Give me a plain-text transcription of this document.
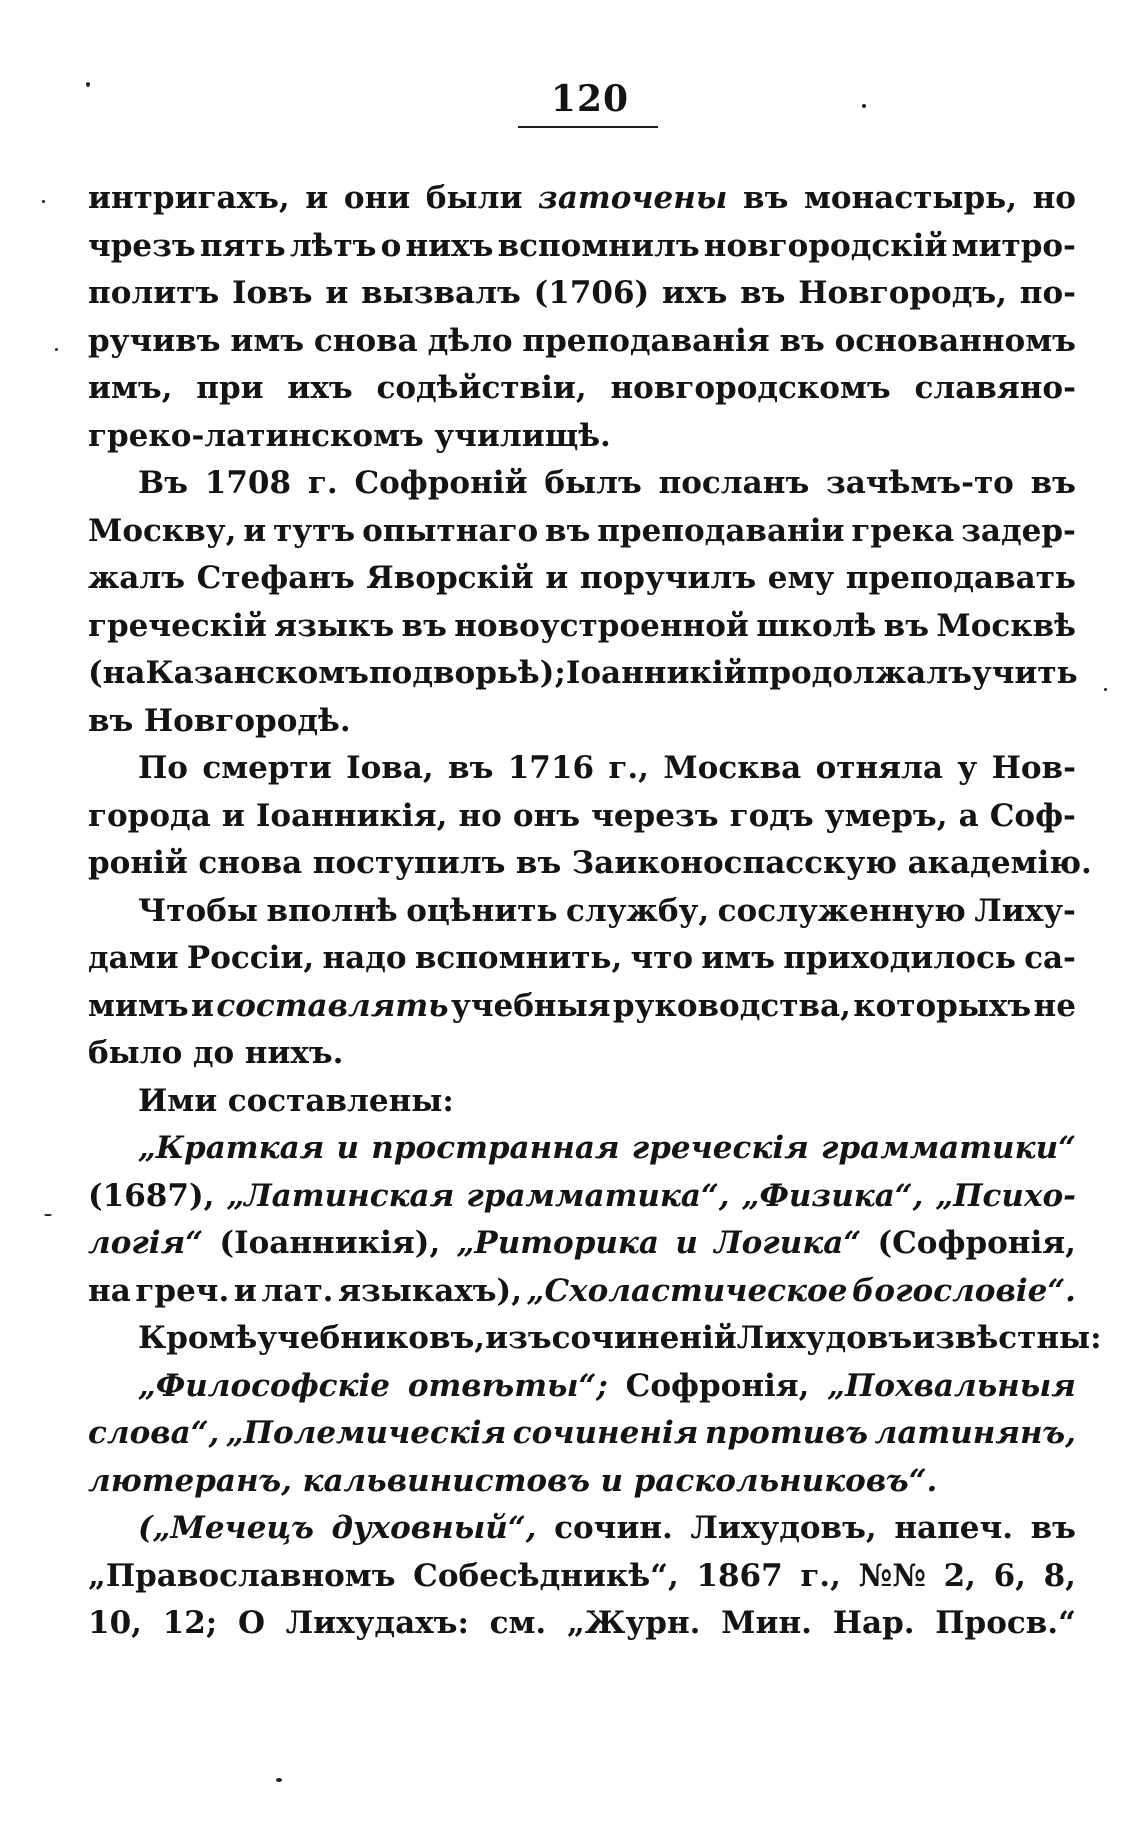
120
интригахъ, и они были заточены въ монастырь, но
чрезъ пять лѣтъ о нихъ вспомнилъ новгородскій митро-
политъ Іовъ и вызвалъ (1706) ихъ въ Новгородъ, по-
ручивъ имъ снова дѣло преподаванія въ основанномъ
имъ, при ихъ содѣйствіи, новгородскомъ славяно-
греко-латинскомъ училищѣ.
Въ 1708 г. Софроній былъ посланъ зачѣмъ-то въ
Москву, и тутъ опытнаго въ преподаваніи грека задер-
жалъ Стефанъ Яворскій и поручилъ ему преподавать
греческій языкъ въ новоустроенной школѣ въ Москвѣ
(на Казанскомъ подворьѣ); Іоанникій продолжалъ учить
въ Новгородѣ.
По смерти Іова, въ 1716 г., Москва отняла у Нов-
города и Іоанникія, но онъ черезъ годъ умеръ, а Соф-
роній снова поступилъ въ Заиконоспасскую академію.
Чтобы вполнѣ оцѣнить службу, сослуженную Лиху-
дами Россіи, надо вспомнить, что имъ приходилось са-
мимъ и составлять учебныя руководства, которыхъ не
было до нихъ.
Ими составлены:
„Краткая и пространная греческія грамматики“
(1687), „Латинская грамматика“, „Физика“, „Психо-
логія“ (Іоанникія), „Риторика и Логика“ (Софронія,
на греч. и лат. языкахъ), „Схоластическое богословіе“.
Кромѣ учебниковъ, изъ сочиненій Лихудовъ извѣстны:
„Философскіе отвѣты“; Софронія, „Похвальныя
слова“, „Полемическія сочиненія противъ латинянъ,
лютеранъ, кальвинистовъ и раскольниковъ“.
(„Мечецъ духовный“, сочин. Лихудовъ, напеч. въ
„Православномъ Собесѣдникѣ“, 1867 г., №№ 2, 6, 8,
10, 12; О Лихудахъ: см. „Журн. Мин. Нар. Просв.“
